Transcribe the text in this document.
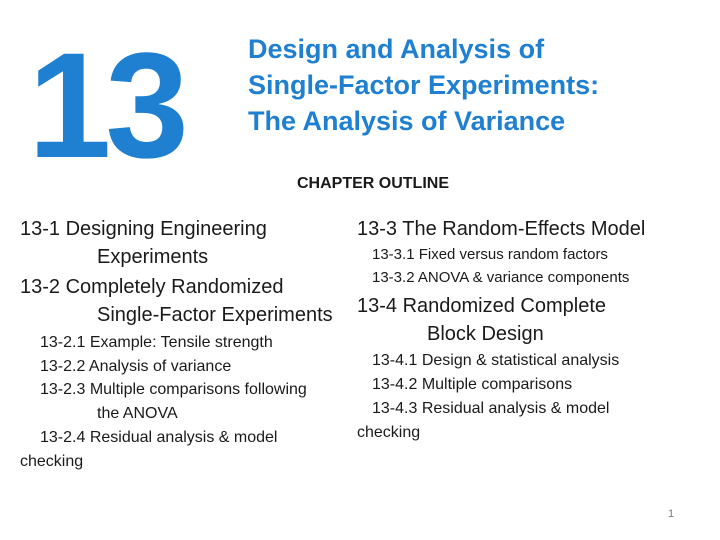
13 Design and Analysis of
Single-Factor Experiments:
The Analysis of Variance
CHAPTER OUTLINE
13-1 Designing Engineering
Experiments
13-2 Completely Randomized
Single-Factor Experiments
13-2.1 Example: Tensile strength
13-2.2 Analysis of variance
13-2.3 Multiple comparisons following
the ANOVA
13-2.4 Residual analysis & model
checking
13-3 The Random-Effects Model
13-3.1 Fixed versus random factors
13-3.2 ANOVA & variance components
13-4 Randomized Complete
Block Design
13-4.1 Design & statistical analysis
13-4.2 Multiple comparisons
13-4.3 Residual analysis & model
checking
1
